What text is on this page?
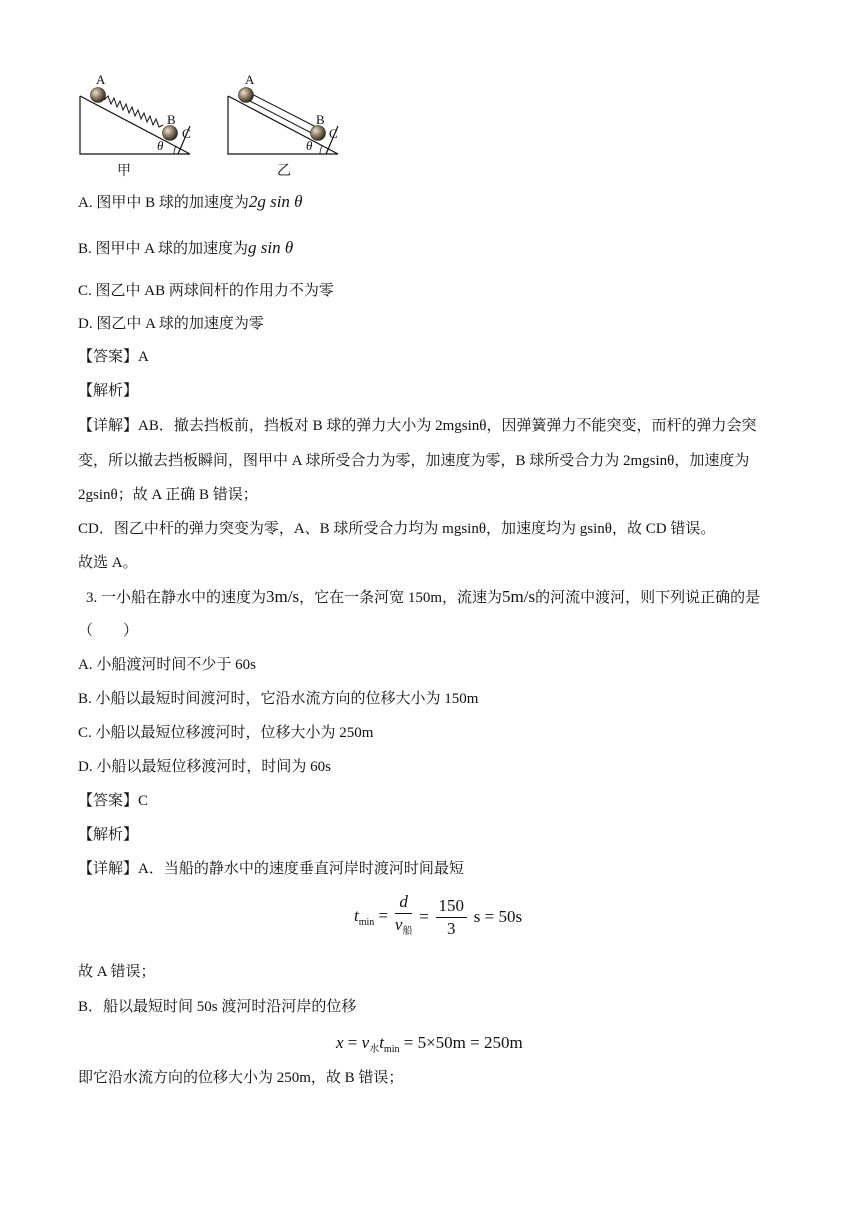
A
B
C
θ
甲
A
B
C
θ
乙
A. 图甲中 B 球的加速度为2g sin θ
B. 图甲中 A 球的加速度为g sin θ
C. 图乙中 AB 两球间杆的作用力不为零
D. 图乙中 A 球的加速度为零
【答案】A
【解析】
【详解】AB．撤去挡板前，挡板对 B 球的弹力大小为 2mgsinθ，因弹簧弹力不能突变，而杆的弹力会突
变，所以撤去挡板瞬间，图甲中 A 球所受合力为零，加速度为零，B 球所受合力为 2mgsinθ，加速度为
2gsinθ；故 A 正确 B 错误；
CD．图乙中杆的弹力突变为零，A、B 球所受合力均为 mgsinθ，加速度均为 gsinθ，故 CD 错误。
故选 A。
3. 一小船在静水中的速度为3m/s，它在一条河宽 150m，流速为5m/s的河流中渡河，则下列说正确的是
（　　）
A. 小船渡河时间不少于 60s
B. 小船以最短时间渡河时，它沿水流方向的位移大小为 150m
C. 小船以最短位移渡河时，位移大小为 250m
D. 小船以最短位移渡河时，时间为 60s
【答案】C
【解析】
【详解】A．当船的静水中的速度垂直河岸时渡河时间最短
$t_{min} = \frac{d}{v_船} = \frac{150}{3}$ s = 50s
故 A 错误；
B．船以最短时间 50s 渡河时沿河岸的位移
$x = v_水t_{min} = 5\times 50m = 250m$
即它沿水流方向的位移大小为 250m，故 B 错误；
